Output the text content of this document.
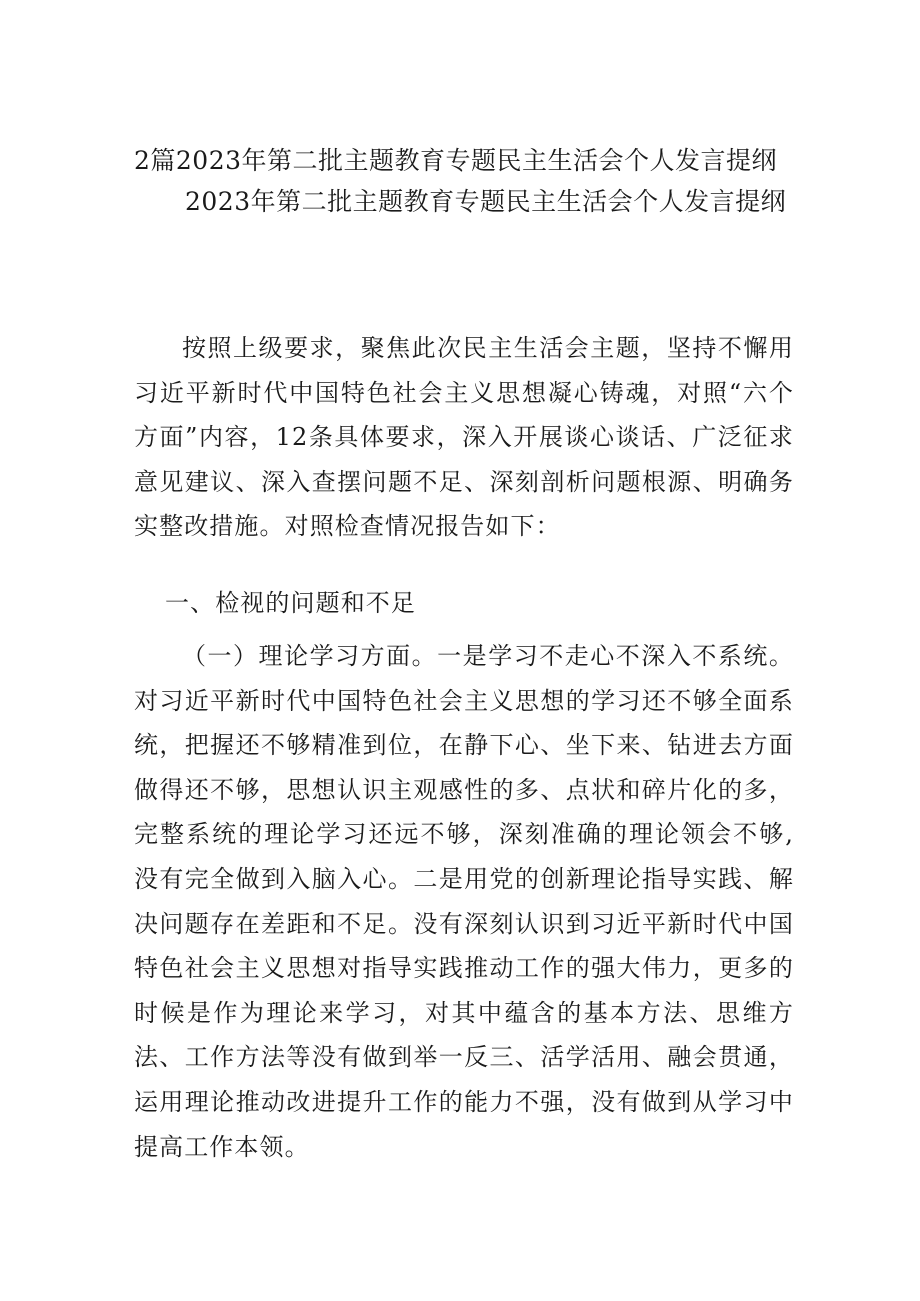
2篇2023年第二批主题教育专题民主生活会个人发言提纲
2023年第二批主题教育专题民主生活会个人发言提纲

按照上级要求，聚焦此次民主生活会主题，坚持不懈用习近平新时代中国特色社会主义思想凝心铸魂，对照“六个方面”内容，12条具体要求，深入开展谈心谈话、广泛征求意见建议、深入查摆问题不足、深刻剖析问题根源、明确务实整改措施。对照检查情况报告如下：

一、检视的问题和不足

（一）理论学习方面。一是学习不走心不深入不系统。对习近平新时代中国特色社会主义思想的学习还不够全面系统，把握还不够精准到位，在静下心、坐下来、钻进去方面做得还不够，思想认识主观感性的多、点状和碎片化的多，完整系统的理论学习还远不够，深刻准确的理论领会不够,没有完全做到入脑入心。二是用党的创新理论指导实践、解决问题存在差距和不足。没有深刻认识到习近平新时代中国特色社会主义思想对指导实践推动工作的强大伟力，更多的时候是作为理论来学习，对其中蕴含的基本方法、思维方法、工作方法等没有做到举一反三、活学活用、融会贯通，运用理论推动改进提升工作的能力不强，没有做到从学习中提高工作本领。
